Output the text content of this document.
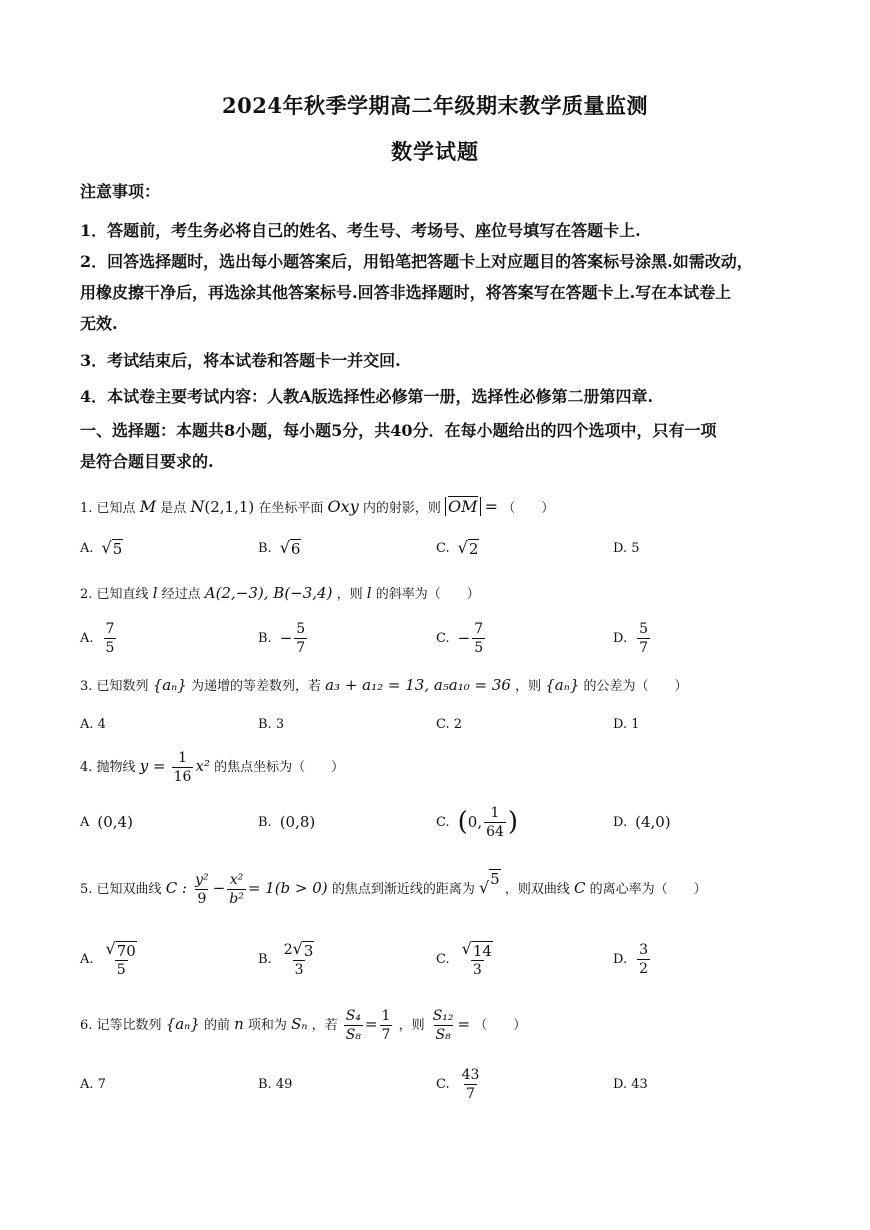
2024年秋季学期高二年级期末教学质量监测
数学试题
注意事项：
1．答题前，考生务必将自己的姓名、考生号、考场号、座位号填写在答题卡上.
2．回答选择题时，选出每小题答案后，用铅笔把答题卡上对应题目的答案标号涂黑.如需改动，
用橡皮擦干净后，再选涂其他答案标号.回答非选择题时，将答案写在答题卡上.写在本试卷上
无效.
3．考试结束后，将本试卷和答题卡一并交回.
4．本试卷主要考试内容：人教A版选择性必修第一册，选择性必修第二册第四章.
一、选择题：本题共8小题，每小题5分，共40分．在每小题给出的四个选项中，只有一项
是符合题目要求的.
1. 已知点 M 是点 N(2,1,1) 在坐标平面 Oxy 内的射影，则 OM = （　　）
A. √ 5	B. √ 6	C. √ 2	D. 5
2. 已知直线 l 经过点 A(2,−3), B(−3,4) ，则 l 的斜率为（　　）
A. $\frac{7}{5}$	B. − $\frac{5}{7}$	C. − $\frac{7}{5}$	D. $\frac{5}{7}$
3. 已知数列 {aₙ} 为递增的等差数列，若 a₃ + a₁₂ = 13, a₅a₁₀ = 36 ，则 {aₙ} 的公差为（　　）
A. 4	B. 3	C. 2	D. 1
4. 抛物线 $y = \frac{1}{16} x^2$ 的焦点坐标为（　　）
A (0,4)	B. (0,8)	C. ( 0, $\frac{1}{64}$ )	D. (4,0)
5. 已知双曲线 C : $\frac{\text{y²}}{9} - \frac{\text{x²}}{\text{b²}} = 1(b > 0)$ 的焦点到渐近线的距离为 √ 5
，则双曲线 C 的离心率为（　　）
A. $\frac{√ 70}{5}$	B. $\frac{2 √ 3}{3}$	C. $\frac{√ 14}{3}$	D. $\frac{3}{2}$
6. 记等比数列 {aₙ} 的前 n 项和为 Sₙ ，若 $\frac{\text{S₄}}{\text{S₈}} = \frac{1}{7}$ ，则 $\frac{\text{S₁₂}}{\text{S₈}}$ = （　　）
A. 7	B. 49	C. $\frac{43}{7}$	D. 43
